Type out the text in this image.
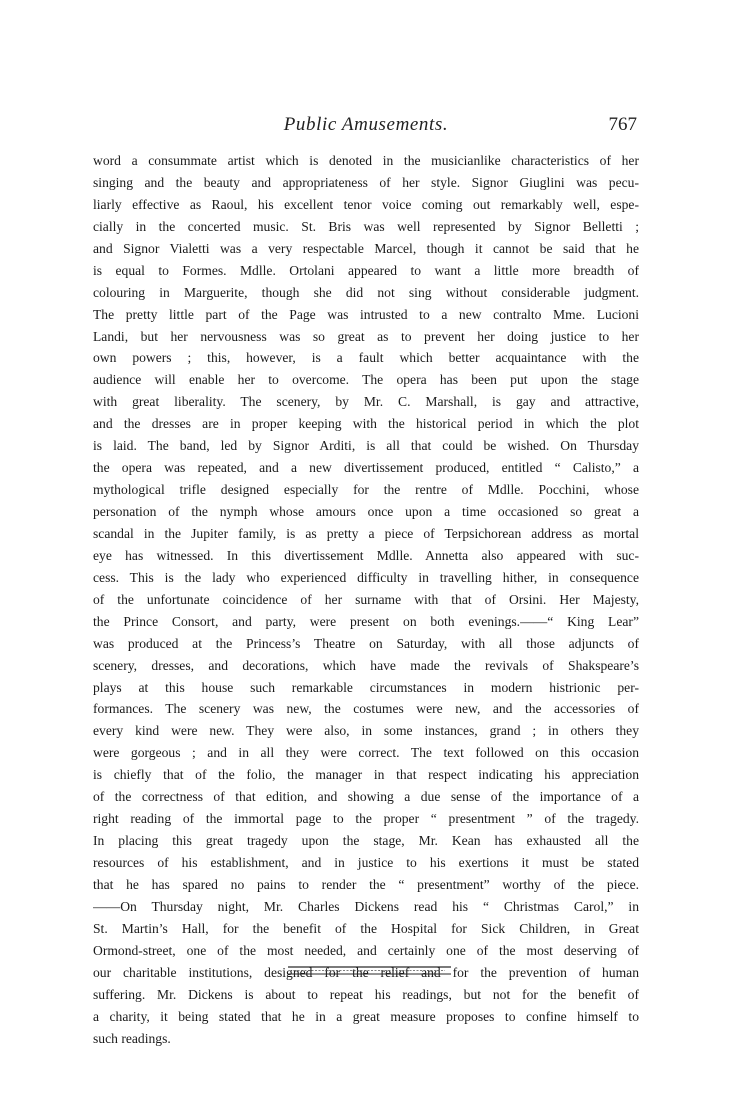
Public Amusements.	767
word a consummate artist which is denoted in the musicianlike characteristics of her
singing and the beauty and appropriateness of her style. Signor Giuglini was pecu-
liarly effective as Raoul, his excellent tenor voice coming out remarkably well, espe-
cially in the concerted music. St. Bris was well represented by Signor Belletti ;
and Signor Vialetti was a very respectable Marcel, though it cannot be said that he
is equal to Formes. Mdlle. Ortolani appeared to want a little more breadth of
colouring in Marguerite, though she did not sing without considerable judgment.
The pretty little part of the Page was intrusted to a new contralto Mme. Lucioni
Landi, but her nervousness was so great as to prevent her doing justice to her
own powers ; this, however, is a fault which better acquaintance with the
audience will enable her to overcome. The opera has been put upon the stage
with great liberality. The scenery, by Mr. C. Marshall, is gay and attractive,
and the dresses are in proper keeping with the historical period in which the plot
is laid. The band, led by Signor Arditi, is all that could be wished. On Thursday
the opera was repeated, and a new divertissement produced, entitled “ Calisto,” a
mythological trifle designed especially for the rentre of Mdlle. Pocchini, whose
personation of the nymph whose amours once upon a time occasioned so great a
scandal in the Jupiter family, is as pretty a piece of Terpsichorean address as mortal
eye has witnessed. In this divertissement Mdlle. Annetta also appeared with suc-
cess. This is the lady who experienced difficulty in travelling hither, in consequence
of the unfortunate coincidence of her surname with that of Orsini. Her Majesty,
the Prince Consort, and party, were present on both evenings.——“ King Lear”
was produced at the Princess’s Theatre on Saturday, with all those adjuncts of
scenery, dresses, and decorations, which have made the revivals of Shakspeare’s
plays at this house such remarkable circumstances in modern histrionic per-
formances. The scenery was new, the costumes were new, and the accessories of
every kind were new. They were also, in some instances, grand ; in others they
were gorgeous ; and in all they were correct. The text followed on this occasion
is chiefly that of the folio, the manager in that respect indicating his appreciation
of the correctness of that edition, and showing a due sense of the importance of a
right reading of the immortal page to the proper “ presentment ” of the tragedy.
In placing this great tragedy upon the stage, Mr. Kean has exhausted all the
resources of his establishment, and in justice to his exertions it must be stated
that he has spared no pains to render the “ presentment” worthy of the piece.
——On Thursday night, Mr. Charles Dickens read his “ Christmas Carol,” in
St. Martin’s Hall, for the benefit of the Hospital for Sick Children, in Great
Ormond-street, one of the most needed, and certainly one of the most deserving of
our charitable institutions, designed for the relief and for the prevention of human
suffering. Mr. Dickens is about to repeat his readings, but not for the benefit of
a charity, it being stated that he in a great measure proposes to confine himself to
such readings.
